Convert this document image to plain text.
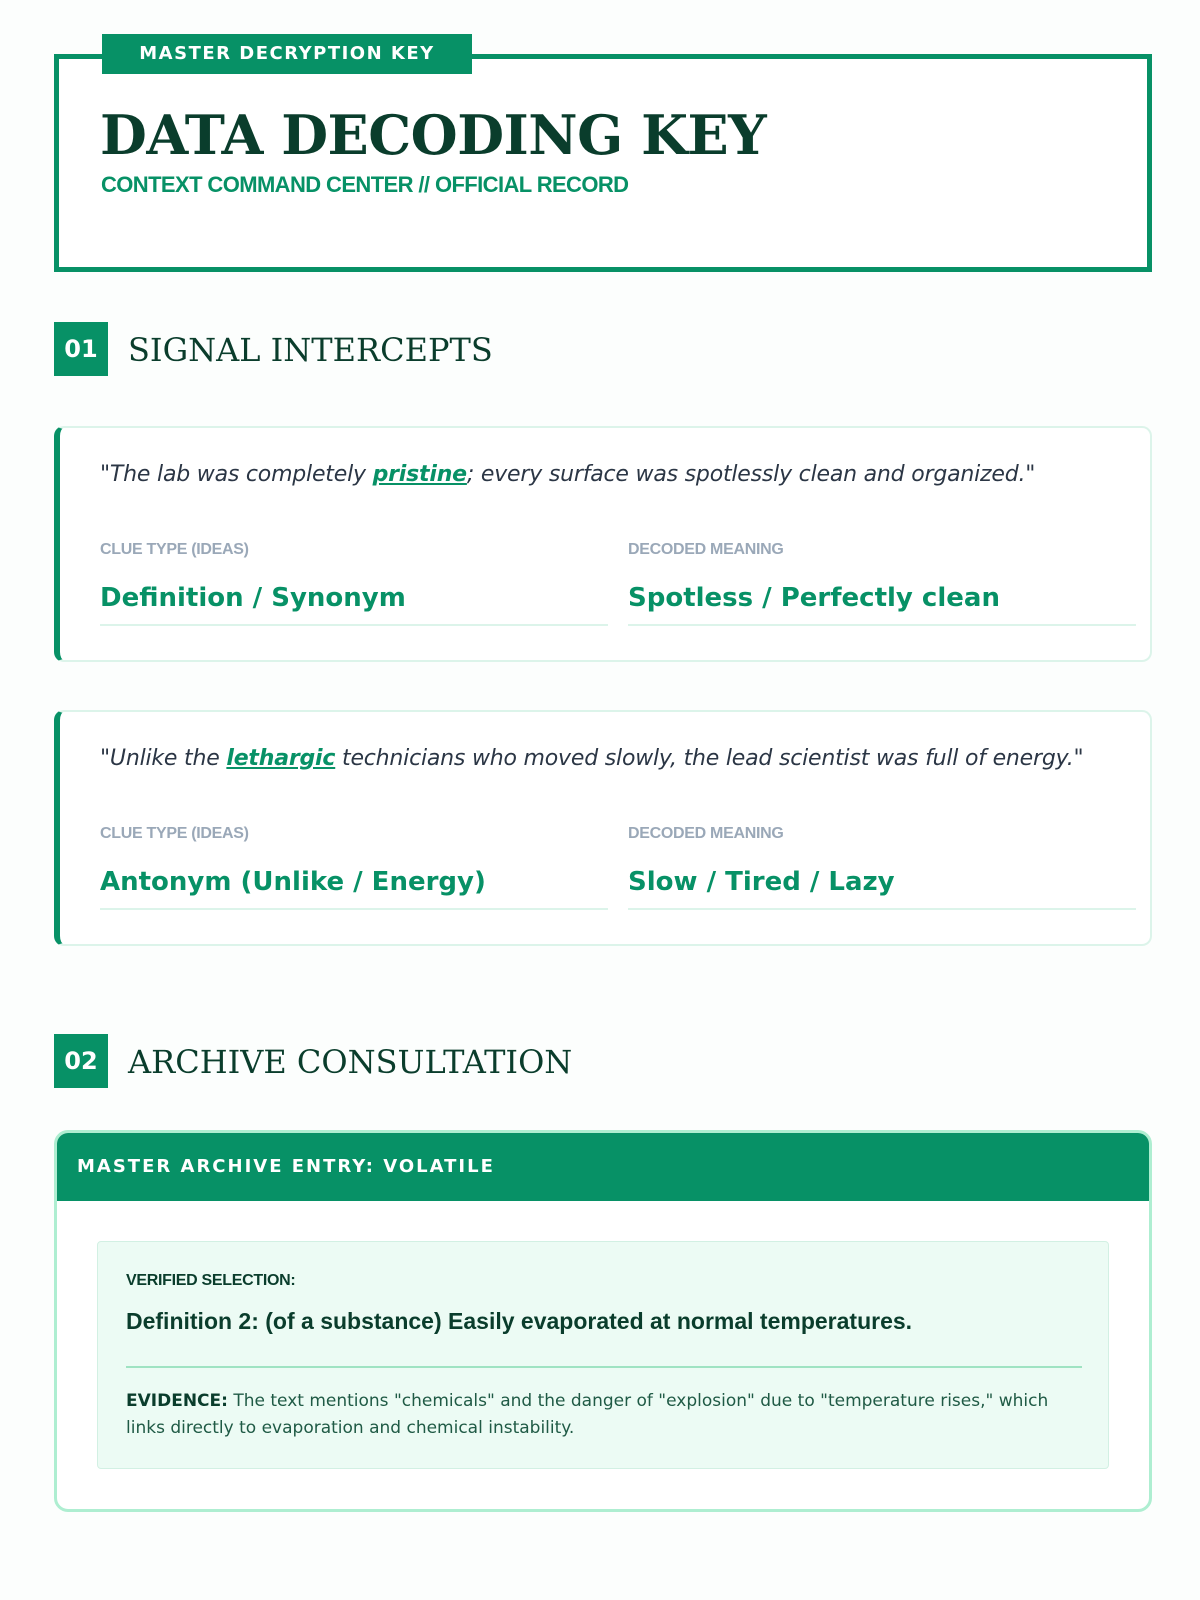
MASTER DECRYPTION KEY
DATA DECODING KEY
CONTEXT COMMAND CENTER // OFFICIAL RECORD
01 SIGNAL INTERCEPTS
"The lab was completely pristine; every surface was spotlessly clean and organized."
CLUE TYPE (IDEAS)
Definition / Synonym
DECODED MEANING
Spotless / Perfectly clean
"Unlike the lethargic technicians who moved slowly, the lead scientist was full of energy."
CLUE TYPE (IDEAS)
Antonym (Unlike / Energy)
DECODED MEANING
Slow / Tired / Lazy
02 ARCHIVE CONSULTATION
MASTER ARCHIVE ENTRY: VOLATILE
VERIFIED SELECTION:
Definition 2: (of a substance) Easily evaporated at normal temperatures.
EVIDENCE: The text mentions "chemicals" and the danger of "explosion" due to "temperature rises," which links directly to evaporation and chemical instability.
